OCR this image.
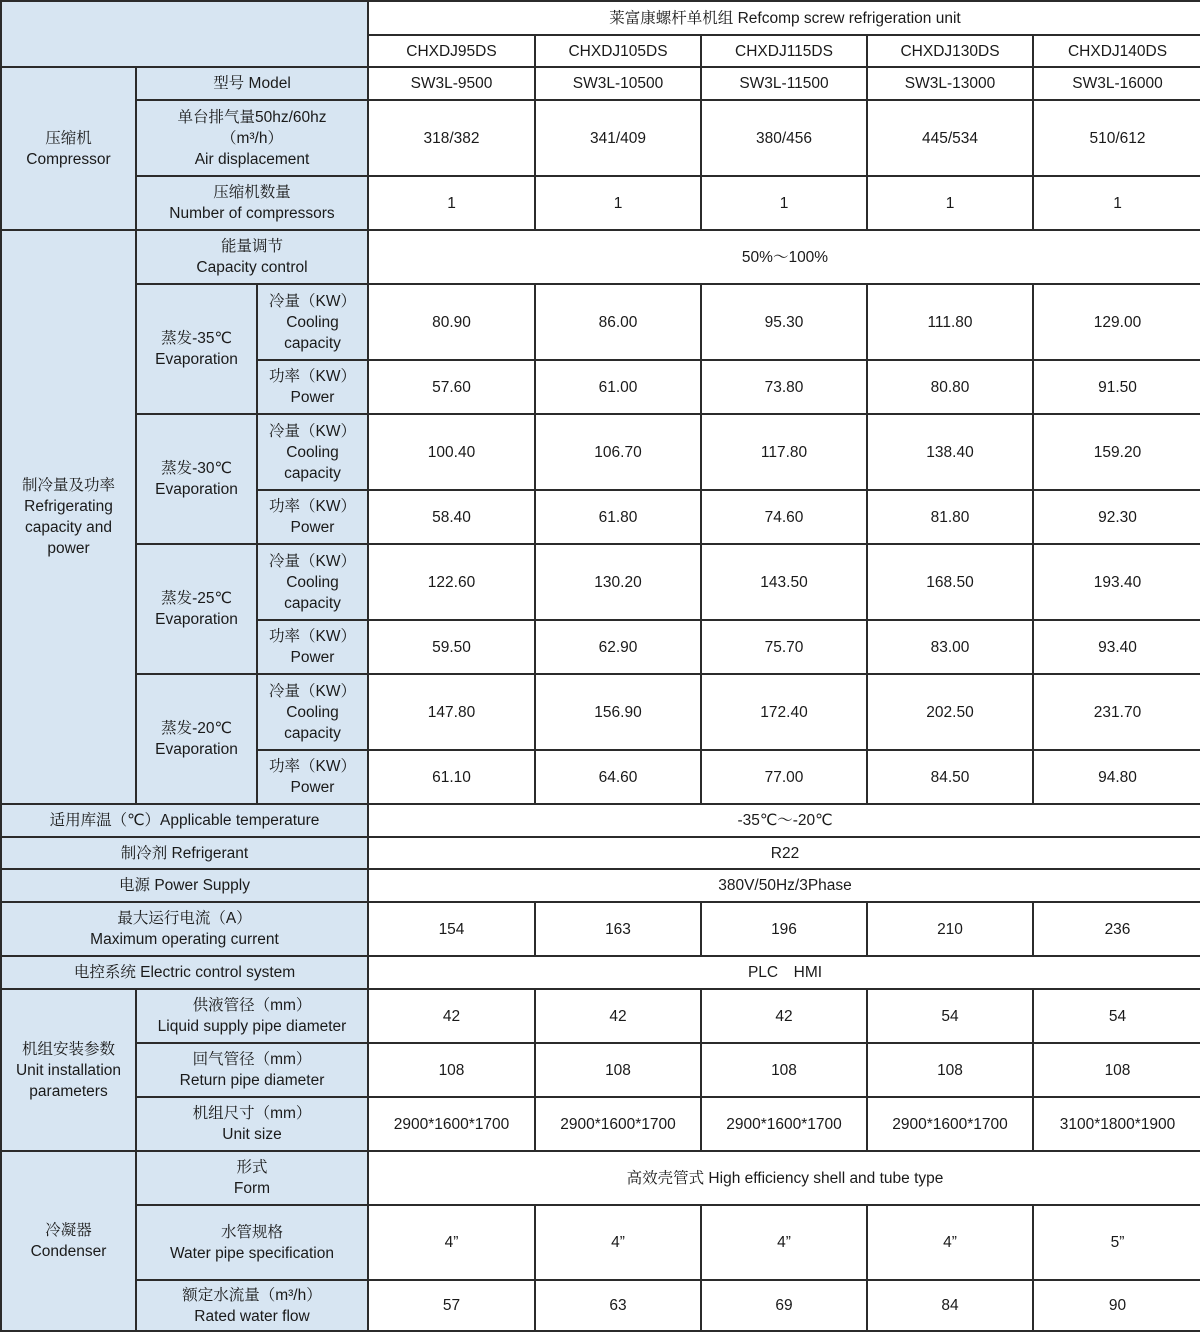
			莱富康螺杆单机组 Refcomp screw refrigeration unit				
			CHXDJ95DS	CHXDJ105DS	CHXDJ115DS	CHXDJ130DS	CHXDJ140DS

压缩机
Compressor	型号 Model		SW3L-9500	SW3L-10500	SW3L-11500	SW3L-13000	SW3L-16000

	单台排气量50hz/60hz
（m³/h）
Air displacement		318/382	341/409	380/456	445/534	510/612

	压缩机数量
Number of compressors		1	1	1	1	1

制冷量及功率
Refrigerating
capacity and
power	能量调节
Capacity control		50%～100%				

	蒸发-35℃
Evaporation	冷量（KW）
Cooling
capacity	80.90	86.00	95.30	111.80	129.00

		功率（KW）
Power	57.60	61.00	73.80	80.80	91.50

	蒸发-30℃
Evaporation	冷量（KW）
Cooling
capacity	100.40	106.70	117.80	138.40	159.20

		功率（KW）
Power	58.40	61.80	74.60	81.80	92.30

	蒸发-25℃
Evaporation	冷量（KW）
Cooling
capacity	122.60	130.20	143.50	168.50	193.40

		功率（KW）
Power	59.50	62.90	75.70	83.00	93.40

	蒸发-20℃
Evaporation	冷量（KW）
Cooling
capacity	147.80	156.90	172.40	202.50	231.70

		功率（KW）
Power	61.10	64.60	77.00	84.50	94.80

适用库温（℃）Applicable temperature			-35℃～-20℃				

制冷剂 Refrigerant			R22				

电源 Power Supply			380V/50Hz/3Phase				

最大运行电流（A）
Maximum operating current			154	163	196	210	236

电控系统 Electric control system			PLC　HMI				

机组安装参数
Unit installation
parameters	供液管径（mm）
Liquid supply pipe diameter		42	42	42	54	54

	回气管径（mm）
Return pipe diameter		108	108	108	108	108

	机组尺寸（mm）
Unit size		2900*1600*1700	2900*1600*1700	2900*1600*1700	2900*1600*1700	3100*1800*1900

冷凝器
Condenser	形式
Form		高效壳管式 High efficiency shell and tube type				

	水管规格
Water pipe specification		4”	4”	4”	4”	5”

	额定水流量（m³/h）
Rated water flow		57	63	69	84	90
